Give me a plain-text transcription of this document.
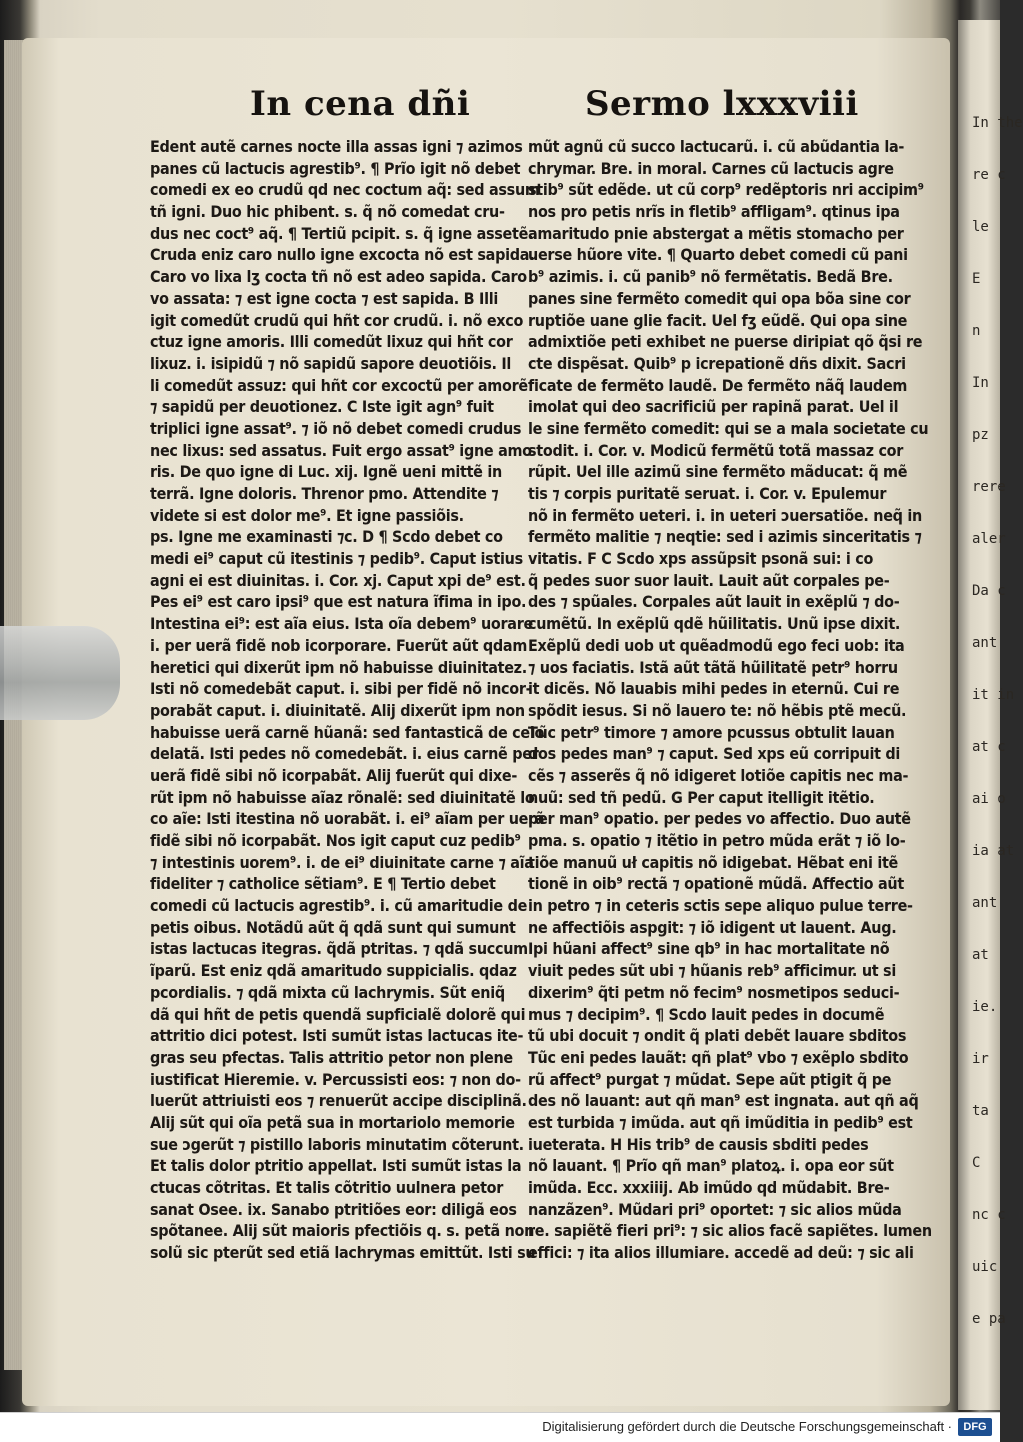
In the
re c
le
E
n
In
pz
rere
aler
Da c
ant
it in
at c
ai o
ia at
ant
at
ie.
ir
ta
C
nc c
uic
e pa
In cena dñi	Sermo lxxxviii
Edent autẽ carnes nocte illa assas igni ⁊ azimos
panes cũ lactucis agrestib⁹. ¶ Prĩo igit nõ debet
comedi ex eo crudũ qd nec coctum aq̃: sed assum
tñ igni. Duo hic phibent. s. q̃ nõ comedat cru-
dus nec coct⁹ aq̃. ¶ Tertiũ pcipit. s. q̃ igne assetẽ.
Cruda eniz caro nullo igne excocta nõ est sapida.
Caro vo lixa lʒ cocta tñ nõ est adeo sapida. Caro
vo assata: ⁊ est igne cocta ⁊ est sapida. B Illi
igit comedũt crudũ qui hñt cor crudũ. i. nõ exco
ctuz igne amoris. Illi comedũt lixuz qui hñt cor
lixuz. i. isipidũ ⁊ nõ sapidũ sapore deuotiõis. Il
li comedũt assuz: qui hñt cor excoctũ per amorẽ:
⁊ sapidũ per deuotionez. C Iste igit agn⁹ fuit
triplici igne assat⁹. ⁊ iõ nõ debet comedi crudus
nec lixus: sed assatus. Fuit ergo assat⁹ igne amo
ris. De quo igne di Luc. xij. Ignẽ ueni mittẽ in
terrã. Igne doloris. Threnor pmo. Attendite ⁊
videte si est dolor me⁹. Et igne passiõis.
ps. Igne me examinasti ⁊c. D ¶ Scdo debet co
medi ei⁹ caput cũ itestinis ⁊ pedib⁹. Caput istius
agni ei est diuinitas. i. Cor. xj. Caput xpi de⁹ est.
Pes ei⁹ est caro ipsi⁹ que est natura ĩfima in ipo.
Intestina ei⁹: est aĩa eius. Ista oĩa debem⁹ uorare
i. per uerã fidẽ nob icorporare. Fuerũt aũt qdam
heretici qui dixerũt ipm nõ habuisse diuinitatez.
Isti nõ comedebãt caput. i. sibi per fidẽ nõ incor-
porabãt caput. i. diuinitatẽ. Alij dixerũt ipm non
habuisse uerã carnẽ hũanã: sed fantasticã de celo
delatã. Isti pedes nõ comedebãt. i. eius carnẽ per
uerã fidẽ sibi nõ icorpabãt. Alij fuerũt qui dixe-
rũt ipm nõ habuisse aĩaz rõnalẽ: sed diuinitatẽ lo
co aĩe: Isti itestina nõ uorabãt. i. ei⁹ aĩam per uerã
fidẽ sibi nõ icorpabãt. Nos igit caput cuz pedib⁹
⁊ intestinis uorem⁹. i. de ei⁹ diuinitate carne ⁊ aĩa
fideliter ⁊ catholice sẽtiam⁹. E ¶ Tertio debet
comedi cũ lactucis agrestib⁹. i. cũ amaritudie de
petis oibus. Notãdũ aũt q̃ qdã sunt qui sumunt
istas lactucas itegras. q̃dã ptritas. ⁊ qdã succum
ĩparũ. Est eniz qdã amaritudo suppicialis. qdaz
pcordialis. ⁊ qdã mixta cũ lachrymis. Sũt eniq̃
dã qui hñt de petis quendã supficialẽ dolorẽ qui
attritio dici potest. Isti sumũt istas lactucas ite-
gras seu pfectas. Talis attritio petor non plene
iustificat Hieremie. v. Percussisti eos: ⁊ non do-
luerũt attriuisti eos ⁊ renuerũt accipe disciplinã.
Alij sũt qui oĩa petã sua in mortariolo memorie
sue ↄgerũt ⁊ pistillo laboris minutatim cõterunt.
Et talis dolor ptritio appellat. Isti sumũt istas la
ctucas cõtritas. Et talis cõtritio uulnera petor
sanat Osee. ix. Sanabo ptritiões eor: diligã eos
spõtanee. Alij sũt maioris pfectiõis q. s. petã non
solũ sic pterũt sed etiã lachrymas emittũt. Isti su
mũt agnũ cũ succo lactucarũ. i. cũ abũdantia la-
chrymar. Bre. in moral. Carnes cũ lactucis agre
stib⁹ sũt edẽde. ut cũ corp⁹ redẽptoris nri accipim⁹
nos pro petis nrĩs in fletib⁹ affligam⁹. qtinus ipa
amaritudo pnie abstergat a mẽtis stomacho per
uerse hũore vite. ¶ Quarto debet comedi cũ pani
b⁹ azimis. i. cũ panib⁹ nõ fermẽtatis. Bedã Bre.
panes sine fermẽto comedit qui opa bõa sine cor
ruptiõe uane glie facit. Uel fʒ eũdẽ. Qui opa sine
admixtiõe peti exhibet ne puerse diripiat qõ q̃si re
cte dispẽsat. Quib⁹ p icrepationẽ dñs dixit. Sacri
ficate de fermẽto laudẽ. De fermẽto nãq̃ laudem
imolat qui deo sacrificiũ per rapinã parat. Uel il
le sine fermẽto comedit: qui se a mala societate cu
stodit. i. Cor. v. Modicũ fermẽtũ totã massaz cor
rũpit. Uel ille azimũ sine fermẽto mãducat: q̃ mẽ
tis ⁊ corpis puritatẽ seruat. i. Cor. v. Epulemur
nõ in fermẽto ueteri. i. in ueteri ↄuersatiõe. neq̃ in
fermẽto malitie ⁊ neqtie: sed i azimis sinceritatis ⁊
vitatis. F C Scdo xps assũpsit psonã sui: i co
q̃ pedes suor suor lauit. Lauit aũt corpales pe-
des ⁊ spũales. Corpales aũt lauit in exẽplũ ⁊ do-
cumẽtũ. In exẽplũ qdẽ hũilitatis. Unũ ipse dixit.
Exẽplũ dedi uob ut quẽadmodũ ego feci uob: ita
⁊ uos faciatis. Istã aũt tãtã hũilitatẽ petr⁹ horru
it dicẽs. Nõ lauabis mihi pedes in eternũ. Cui re
spõdit iesus. Si nõ lauero te: nõ hẽbis ptẽ mecũ.
Tũc petr⁹ timore ⁊ amore pcussus obtulit lauan
dos pedes man⁹ ⁊ caput. Sed xps eũ corripuit di
cẽs ⁊ asserẽs q̃ nõ idigeret lotiõe capitis nec ma-
nuũ: sed tñ pedũ. G Per caput itelligit itẽtio.
per man⁹ opatio. per pedes vo affectio. Duo autẽ
pma. s. opatio ⁊ itẽtio in petro mũda erãt ⁊ iõ lo-
tiõe manuũ uł capitis nõ idigebat. Hẽbat eni itẽ
tionẽ in oib⁹ rectã ⁊ opationẽ mũdã. Affectio aũt
in petro ⁊ in ceteris sctis sepe aliquo pulue terre-
ne affectiõis aspgit: ⁊ iõ idigent ut lauent. Aug.
Ipi hũani affect⁹ sine qb⁹ in hac mortalitate nõ
viuit pedes sũt ubi ⁊ hũanis reb⁹ afficimur. ut si
dixerim⁹ q̃ti petm nõ fecim⁹ nosmetipos seduci-
mus ⁊ decipim⁹. ¶ Scdo lauit pedes in documẽ
tũ ubi docuit ⁊ ondit q̃ plati debẽt lauare sbditos
Tũc eni pedes lauãt: qñ plat⁹ vbo ⁊ exẽplo sbdito
rũ affect⁹ purgat ⁊ mũdat. Sepe aũt ptigit q̃ pe
des nõ lauant: aut qñ man⁹ est ingnata. aut qñ aq̃
est turbida ⁊ imũda. aut qñ imũditia in pedib⁹ est
iueterata. H His trib⁹ de causis sbditi pedes
nõ lauant. ¶ Prĩo qñ man⁹ platoꝝ. i. opa eor sũt
imũda. Ecc. xxxiiij. Ab imũdo qd mũdabit. Bre-
nanzãzen⁹. Mũdari pri⁹ oportet: ⁊ sic alios mũda
re. sapiẽtẽ fieri pri⁹: ⁊ sic alios facẽ sapiẽtes. lumen
effici: ⁊ ita alios illumiare. accedẽ ad deũ: ⁊ sic ali
Digitalisierung gefördert durch die Deutsche Forschungsgemeinschaft ·	DFG
